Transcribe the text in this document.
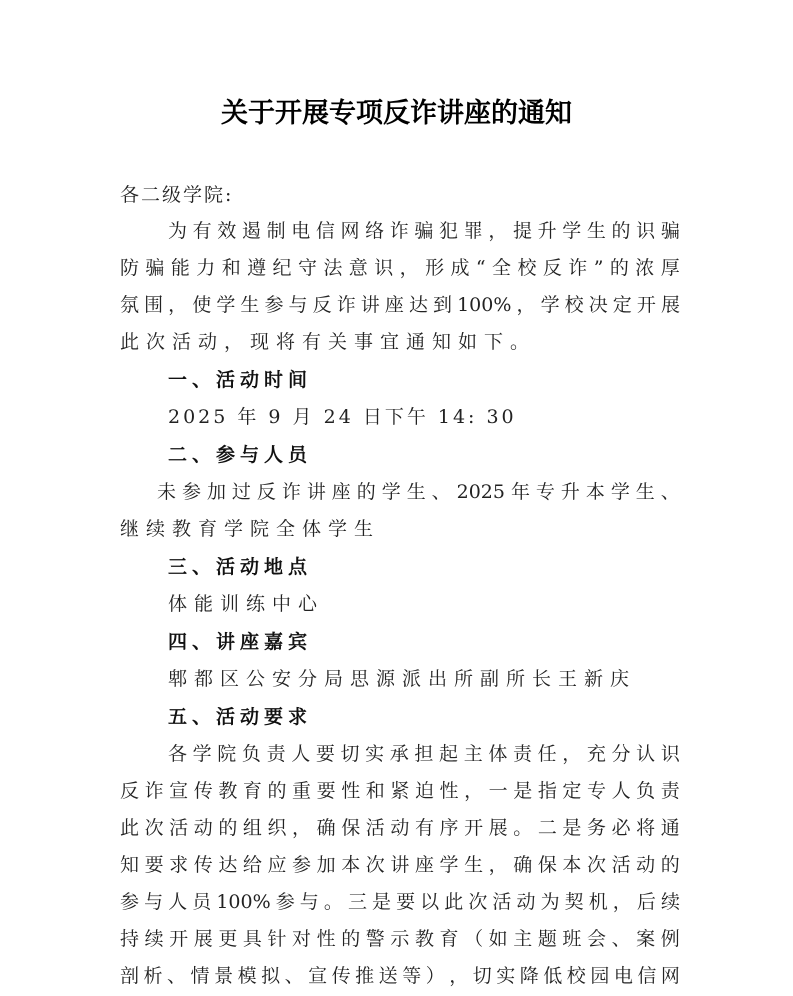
关于开展专项反诈讲座的通知
各二级学院:
为 有 效 遏 制 电 信 网 络 诈 骗 犯 罪 ， 提 升 学 生 的 识 骗
防 骗 能 力 和 遵 纪 守 法 意 识 ， 形 成 “ 全 校 反 诈 ” 的 浓 厚
氛 围 ， 使 学 生 参 与 反 诈 讲 座 达 到 100% ， 学 校 决 定 开 展
此次活动，现将有关事宜通知如下。
一、活动时间
2025 年 9 月 24 日下午 14: 30
二、参与人员
未 参 加 过 反 诈 讲 座 的 学 生 、 2025 年 专 升 本 学 生 、
继续教育学院全体学生
三、活动地点
体能训练中心
四、讲座嘉宾
郫都区公安分局思源派出所副所长王新庆
五、活动要求
各 学 院 负 责 人 要 切 实 承 担 起 主 体 责 任 ， 充 分 认 识
反 诈 宣 传 教 育 的 重 要 性 和 紧 迫 性 ， 一 是 指 定 专 人 负 责
此 次 活 动 的 组 织 ， 确 保 活 动 有 序 开 展 。 二 是 务 必 将 通
知 要 求 传 达 给 应 参 加 本 次 讲 座 学 生 ， 确 保 本 次 活 动 的
参 与 人 员 100% 参 与 。 三 是 要 以 此 次 活 动 为 契 机 ， 后 续
持 续 开 展 更 具 针 对 性 的 警 示 教 育 （ 如 主 题 班 会 、 案 例
剖 析 、 情 景 模 拟 、 宣 传 推 送 等 ） ， 切 实 降 低 校 园 电 信 网
